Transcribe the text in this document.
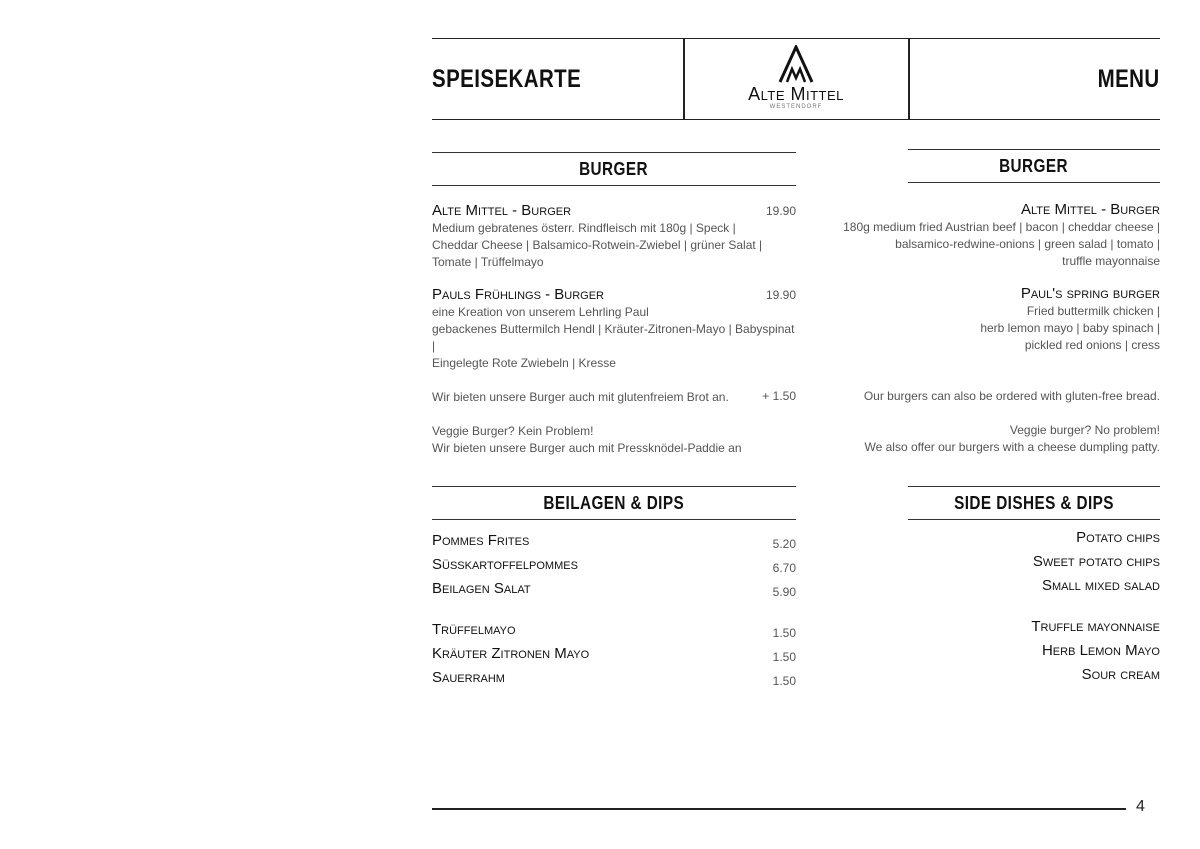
SPEISEKARTE
Alte Mittel
WESTENDORF
MENU
BURGER	BURGER
BEILAGEN & DIPS	SIDE DISHES & DIPS
Alte Mittel - Burger	19.90
Medium gebratenes österr. Rindfleisch mit 180g | Speck |
Cheddar Cheese | Balsamico-Rotwein-Zwiebel | grüner Salat |
Tomate | Trüffelmayo
Pauls Frühlings - Burger	19.90
eine Kreation von unserem Lehrling Paul
gebackenes Buttermilch Hendl | Kräuter-Zitronen-Mayo | Babyspinat |
Eingelegte Rote Zwiebeln | Kresse
Wir bieten unsere Burger auch mit glutenfreiem Brot an.	+ 1.50
Veggie Burger? Kein Problem!
Wir bieten unsere Burger auch mit Pressknödel-Paddie an
Alte Mittel - Burger
180g medium fried Austrian beef | bacon | cheddar cheese |
balsamico-redwine-onions | green salad | tomato |
truffle mayonnaise
Paul's spring burger
Fried buttermilk chicken |
herb lemon mayo | baby spinach |
pickled red onions | cress
Our burgers can also be ordered with gluten-free bread.
Veggie burger? No problem!
We also offer our burgers with a cheese dumpling patty.
Pommes Frites	5.20
Süsskartoffelpommes	6.70
Beilagen Salat	5.90
Trüffelmayo	1.50
Kräuter Zitronen Mayo	1.50
Sauerrahm	1.50
Potato chips
Sweet potato chips
Small mixed salad
Truffle mayonnaise
Herb Lemon Mayo
Sour cream
4
